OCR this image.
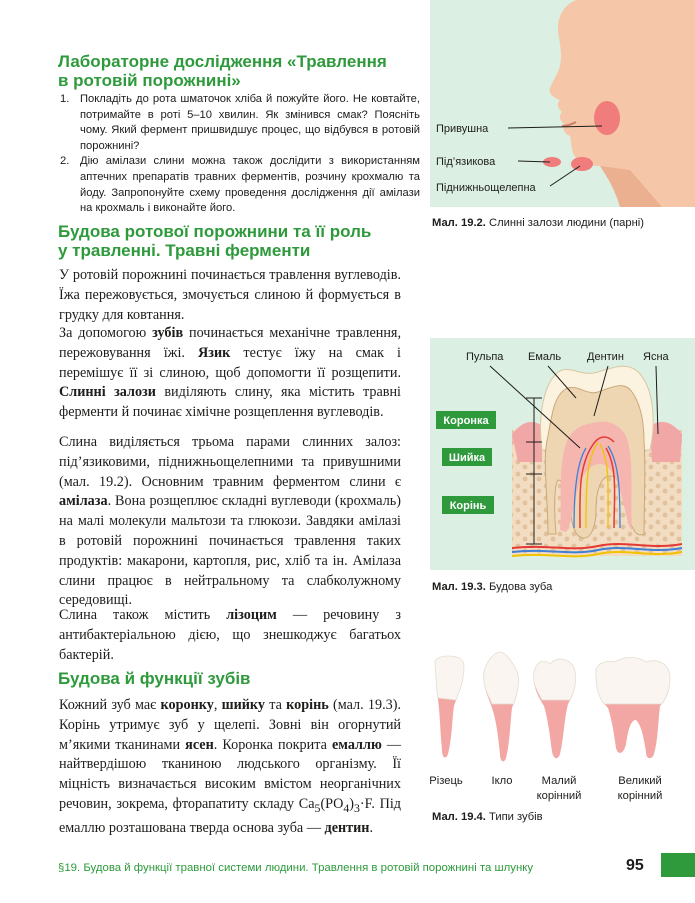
Лабораторне дослідження «Травлення
в ротовій порожнині»
1. Покладіть до рота шматочок хліба й пожуйте його. Не ковтайте, потримайте в роті 5–10 хвилин. Як змінився смак? Поясніть чому. Який фермент пришвидшує процес, що відбувся в ротовій порожнині?
2. Дію амілази слини можна також дослідити з використанням аптечних препаратів травних ферментів, розчину крохмалю та йоду. Запропонуйте схему проведення дослідження дії амілази на крохмаль і виконайте його.
Будова ротової порожнини та її роль
у травленні. Травні ферменти

У ротовій порожнині починається травлення вуглеводів. Їжа пережовується, змочується слиною й формується в грудку для ковтання.

За допомогою зубів починається механічне травлення, пережовування їжі. Язик тестує їжу на смак і перемішує її зі слиною, щоб допомогти її розщепити. Слинні залози виділяють слину, яка містить травні ферменти й починає хімічне розщеплення вуглеводів.

Слина виділяється трьома парами слинних залоз: під’язиковими, піднижньощелепними та привушними (мал. 19.2). Основним травним ферментом слини є амілаза. Вона розщеплює складні вуглеводи (крохмаль) на малі молекули мальтози та глюкози. Завдяки амілазі в ротовій порожнині починається травлення таких продуктів: макарони, картопля, рис, хліб та ін. Амілаза слини працює в нейтральному та слабколужному середовищі.

Слина також містить лізоцим — речовину з антибактеріальною дією, що знешкоджує багатьох бактерій.

Будова й функції зубів

Кожний зуб має коронку, шийку та корінь (мал. 19.3). Корінь утримує зуб у щелепі. Зовні він огорнутий м’якими тканинами ясен. Коронка покрита емаллю — найтвердішою тканиною людського організму. Її міцність визначається високим вмістом неорганічних речовин, зокрема, фторапатиту складу $Ca_5(PO_4)_3\cdot F$. Під емаллю розташована тверда основа зуба — дентин.

Привушна
Під’язикова
Піднижньощелепна

Мал. 19.2. Слинні залози людини (парні)

Коронка
Шийка
Корінь
Пульпа Емаль Дентин Ясна

Мал. 19.3. Будова зуба

Різець	Ікло	Малий корінний
Великий корінний

Мал. 19.4. Типи зубів

§19. Будова й функції травної системи людини. Травлення в ротовій порожнині та шлунку	95
